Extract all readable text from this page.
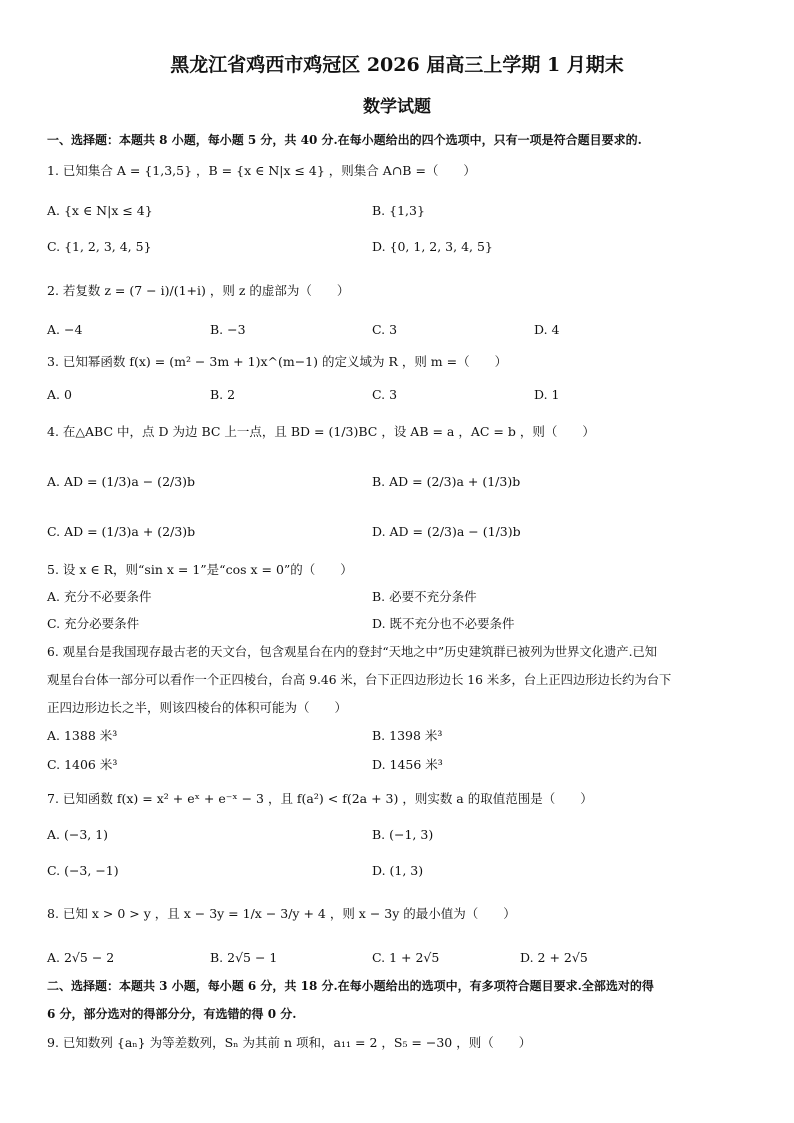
黑龙江省鸡西市鸡冠区 2026 届高三上学期 1 月期末
数学试题
一、选择题：本题共 8 小题，每小题 5 分，共 40 分.在每小题给出的四个选项中，只有一项是符合题目要求的.
1. 已知集合 A = {1,3,5} ，B = {x ∈ N|x ≤ 4} ，则集合 A∩B =（　　）
A. {x ∈ N|x ≤ 4}	B. {1,3}
C. {1, 2, 3, 4, 5}	D. {0, 1, 2, 3, 4, 5}
2. 若复数 z = (7 − i)/(1+i) ，则 z 的虚部为（　　）
A. −4	B. −3	C. 3	D. 4
3. 已知幂函数 f(x) = (m² − 3m + 1)x^(m−1) 的定义域为 R ，则 m =（　　）
A. 0	B. 2	C. 3	D. 1
4. 在△ABC 中，点 D 为边 BC 上一点，且 BD = (1/3)BC ，设 AB = a ，AC = b ，则（　　）
A. AD = (1/3)a − (2/3)b	B. AD = (2/3)a + (1/3)b
C. AD = (1/3)a + (2/3)b	D. AD = (2/3)a − (1/3)b
5. 设 x ∈ R，则“sin x = 1”是“cos x = 0”的（　　）
A. 充分不必要条件	B. 必要不充分条件
C. 充分必要条件	D. 既不充分也不必要条件
6. 观星台是我国现存最古老的天文台，包含观星台在内的登封“天地之中”历史建筑群已被列为世界文化遗产.已知
观星台台体一部分可以看作一个正四棱台，台高 9.46 米，台下正四边形边长 16 米多，台上正四边形边长约为台下
正四边形边长之半，则该四棱台的体积可能为（　　）
A. 1388 米³	B. 1398 米³
C. 1406 米³	D. 1456 米³
7. 已知函数 f(x) = x² + eˣ + e⁻ˣ − 3 ，且 f(a²) < f(2a + 3) ，则实数 a 的取值范围是（　　）
A. (−3, 1)	B. (−1, 3)
C. (−3, −1)	D. (1, 3)
8. 已知 x > 0 > y ，且 x − 3y = 1/x − 3/y + 4 ，则 x − 3y 的最小值为（　　）
A. 2√5 − 2	B. 2√5 − 1	C. 1 + 2√5	D. 2 + 2√5
二、选择题：本题共 3 小题，每小题 6 分，共 18 分.在每小题给出的选项中，有多项符合题目要求.全部选对的得
6 分，部分选对的得部分分，有选错的得 0 分.
9. 已知数列 {aₙ} 为等差数列，Sₙ 为其前 n 项和，a₁₁ = 2 ，S₅ = −30 ，则（　　）
